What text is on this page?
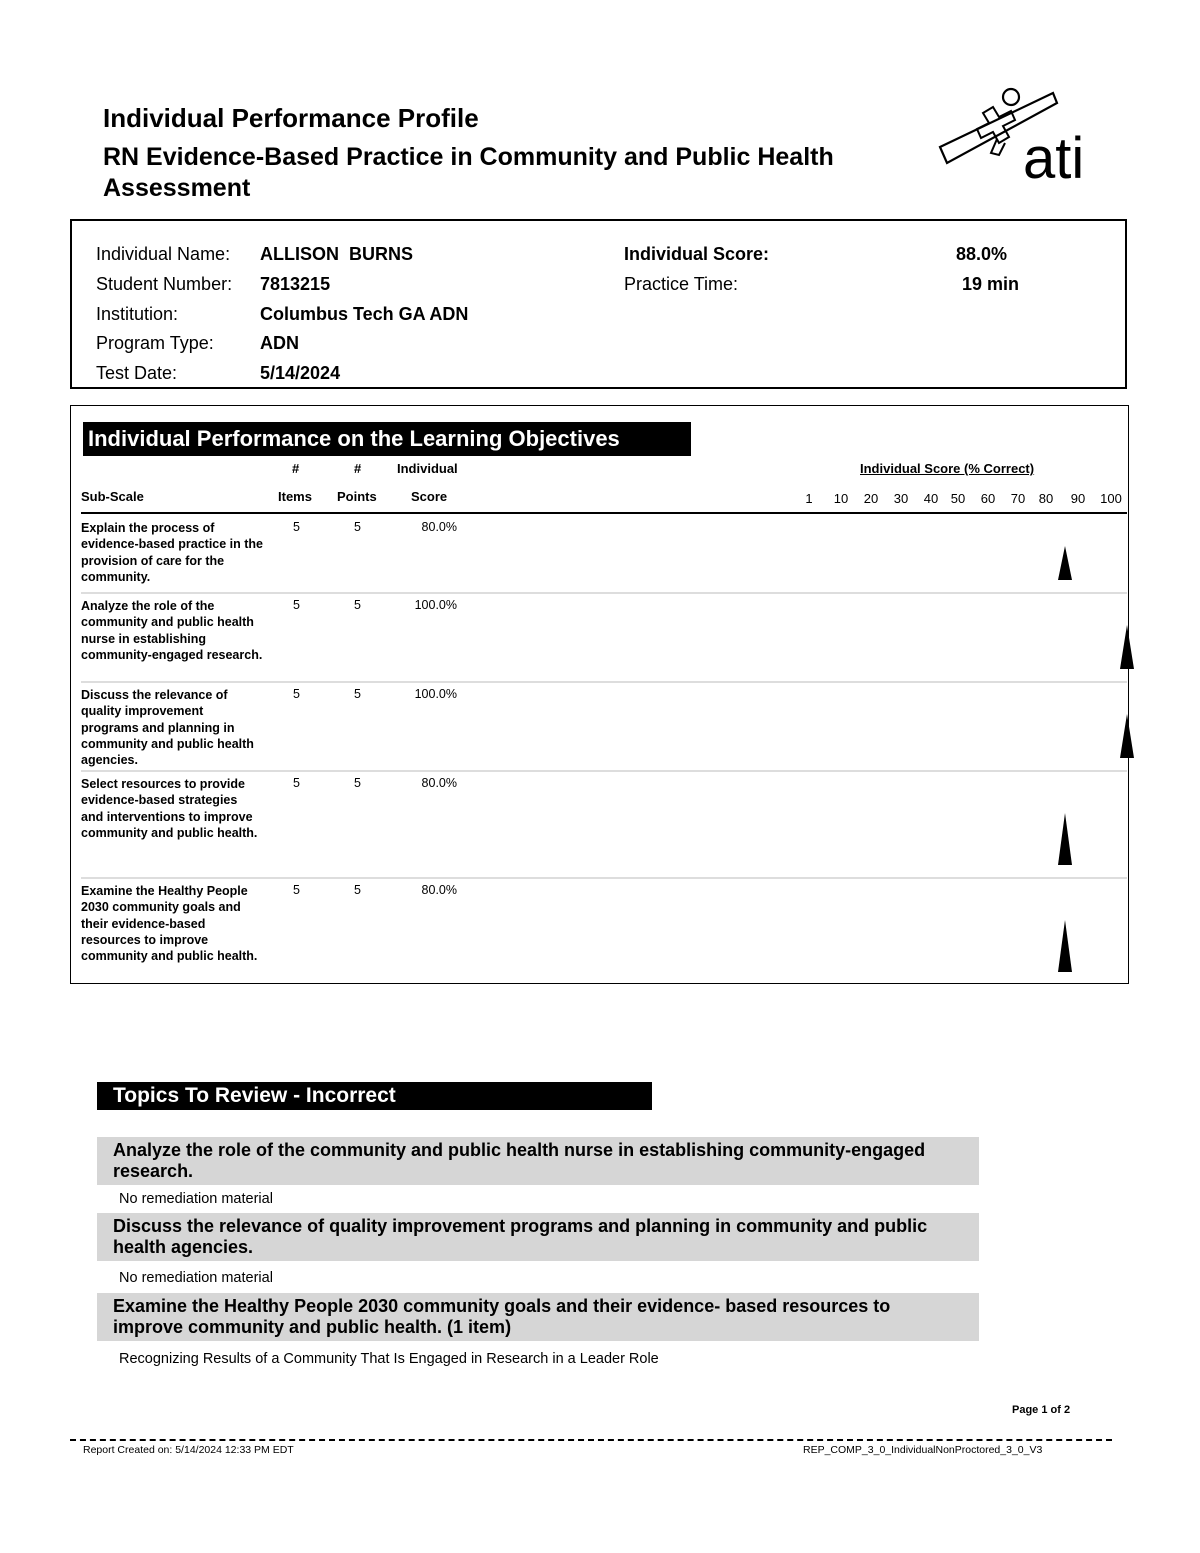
Individual Performance Profile
RN Evidence-Based Practice in Community and Public Health Assessment	ati
Individual Name: ALLISON  BURNS	Individual Score:	88.0%
Student Number: 7813215	Practice Time:	19 min
Institution:	Columbus Tech GA ADN
Program Type:	ADN
Test Date:	5/14/2024
Individual Performance on the Learning Objectives
#	#	Individual	Individual Score (% Correct)
Sub-Scale	Items Points	Score	1 10 20 30 40 50 60 70 80 90 100
Explain the process of evidence-based practice in the provision of care for the community.
5	5	80.0%
Analyze the role of the community and public health nurse in establishing community-engaged research.
5	5	100.0%
Discuss the relevance of quality improvement programs and planning in community and public health agencies.
5	5	100.0%
Select resources to provide evidence-based strategies and interventions to improve community and public health.
5	5	80.0%
Examine the Healthy People 2030 community goals and their evidence-based resources to improve community and public health.
5	5	80.0%
Topics To Review - Incorrect
Analyze the role of the community and public health nurse in establishing community-engaged research.
No remediation material
Discuss the relevance of quality improvement programs and planning in community and public health agencies.
No remediation material
Examine the Healthy People 2030 community goals and their evidence- based resources to improve community and public health. (1 item)
Recognizing Results of a Community That Is Engaged in Research in a Leader Role
Page 1 of 2
Report Created on: 5/14/2024 12:33 PM EDT	REP_COMP_3_0_IndividualNonProctored_3_0_V3
